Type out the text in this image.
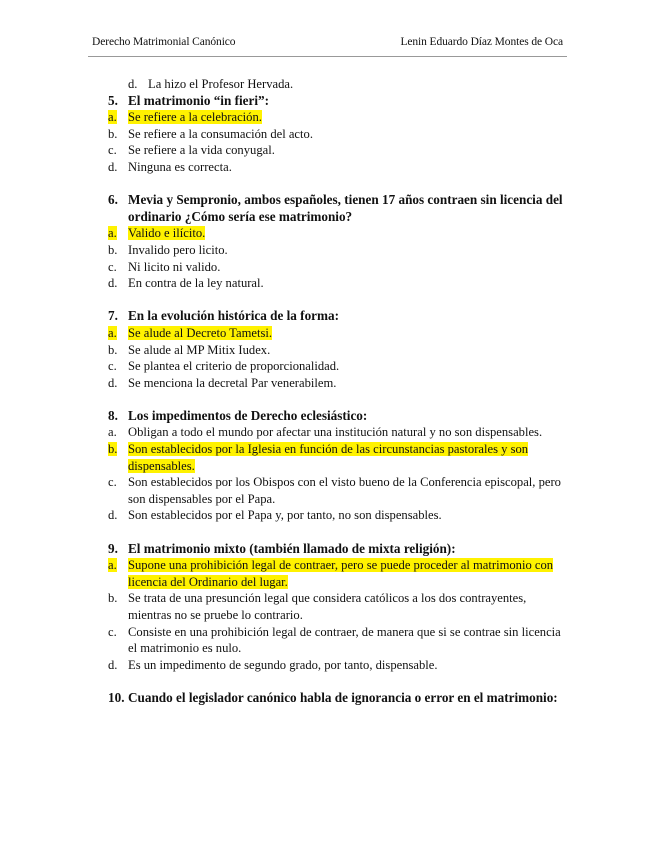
Derecho Matrimonial Canónico	Lenin Eduardo Díaz Montes de Oca
d. La hizo el Profesor Hervada.
5. El matrimonio “in fieri”:
a. Se refiere a la celebración.
b. Se refiere a la consumación del acto.
c. Se refiere a la vida conyugal.
d. Ninguna es correcta.
6. Mevia y Sempronio, ambos españoles, tienen 17 años contraen sin licencia del ordinario ¿Cómo sería ese matrimonio?
a. Valido e ilícito.
b. Invalido pero licito.
c. Ni licito ni valido.
d. En contra de la ley natural.
7. En la evolución histórica de la forma:
a. Se alude al Decreto Tametsi.
b. Se alude al MP Mitix Iudex.
c. Se plantea el criterio de proporcionalidad.
d. Se menciona la decretal Par venerabilem.
8. Los impedimentos de Derecho eclesiástico:
a. Obligan a todo el mundo por afectar una institución natural y no son dispensables.
b. Son establecidos por la Iglesia en función de las circunstancias pastorales y son dispensables.
c. Son establecidos por los Obispos con el visto bueno de la Conferencia episcopal, pero son dispensables por el Papa.
d. Son establecidos por el Papa y, por tanto, no son dispensables.
9. El matrimonio mixto (también llamado de mixta religión):
a. Supone una prohibición legal de contraer, pero se puede proceder al matrimonio con licencia del Ordinario del lugar.
b. Se trata de una presunción legal que considera católicos a los dos contrayentes, mientras no se pruebe lo contrario.
c. Consiste en una prohibición legal de contraer, de manera que si se contrae sin licencia el matrimonio es nulo.
d. Es un impedimento de segundo grado, por tanto, dispensable.
10. Cuando el legislador canónico habla de ignorancia o error en el matrimonio:
